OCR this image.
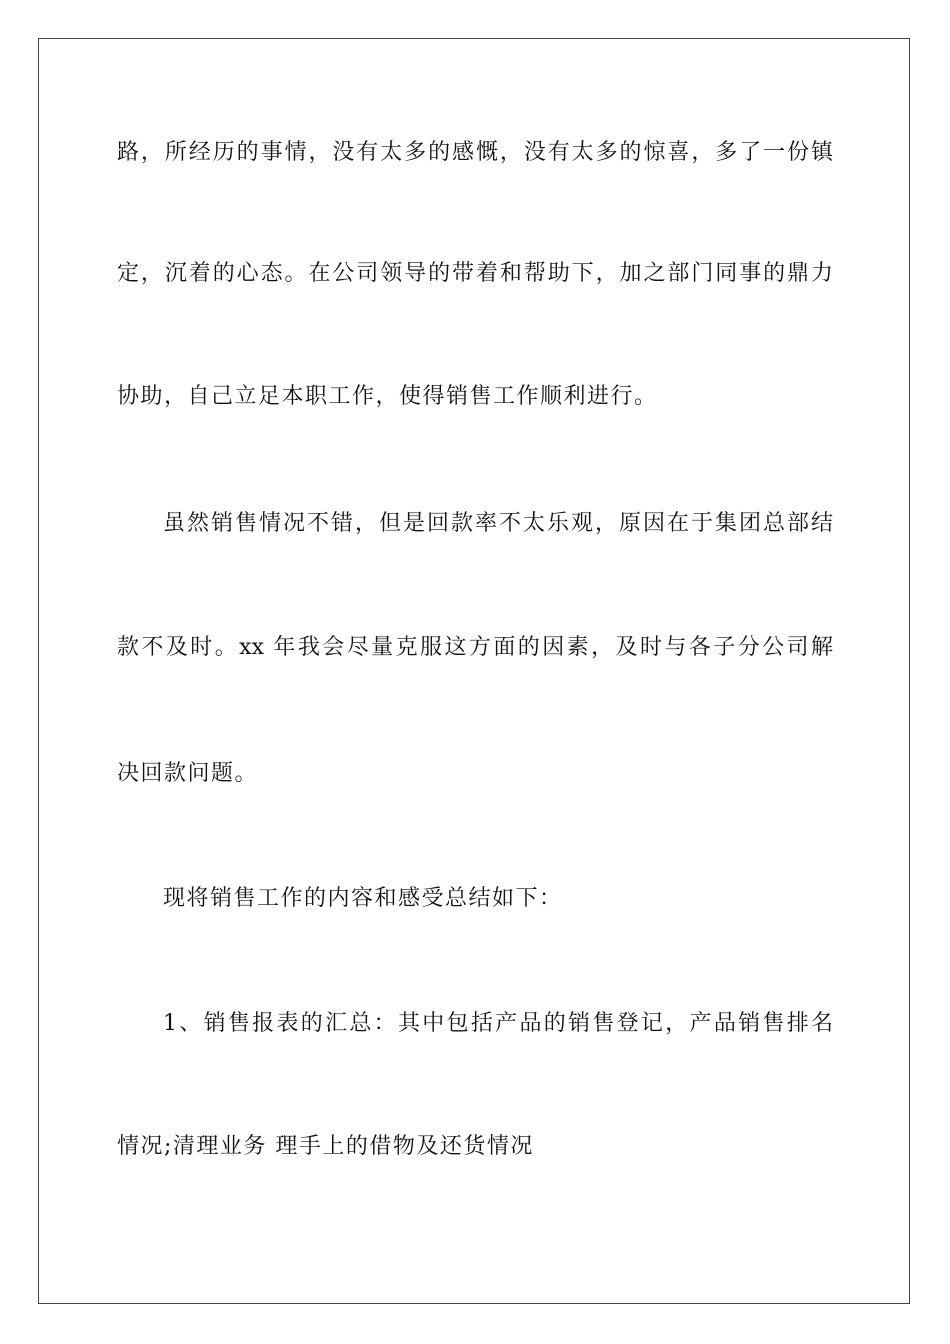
路，所经历的事情，没有太多的感慨，没有太多的惊喜，多了一份镇
定，沉着的心态。在公司领导的带着和帮助下，加之部门同事的鼎力
协助，自己立足本职工作，使得销售工作顺利进行。
虽然销售情况不错，但是回款率不太乐观，原因在于集团总部结
款不及时。xx 年我会尽量克服这方面的因素，及时与各子分公司解
决回款问题。
现将销售工作的内容和感受总结如下：
1、销售报表的汇总：其中包括产品的销售登记，产品销售排名
情况;清理业务 理手上的借物及还货情况
